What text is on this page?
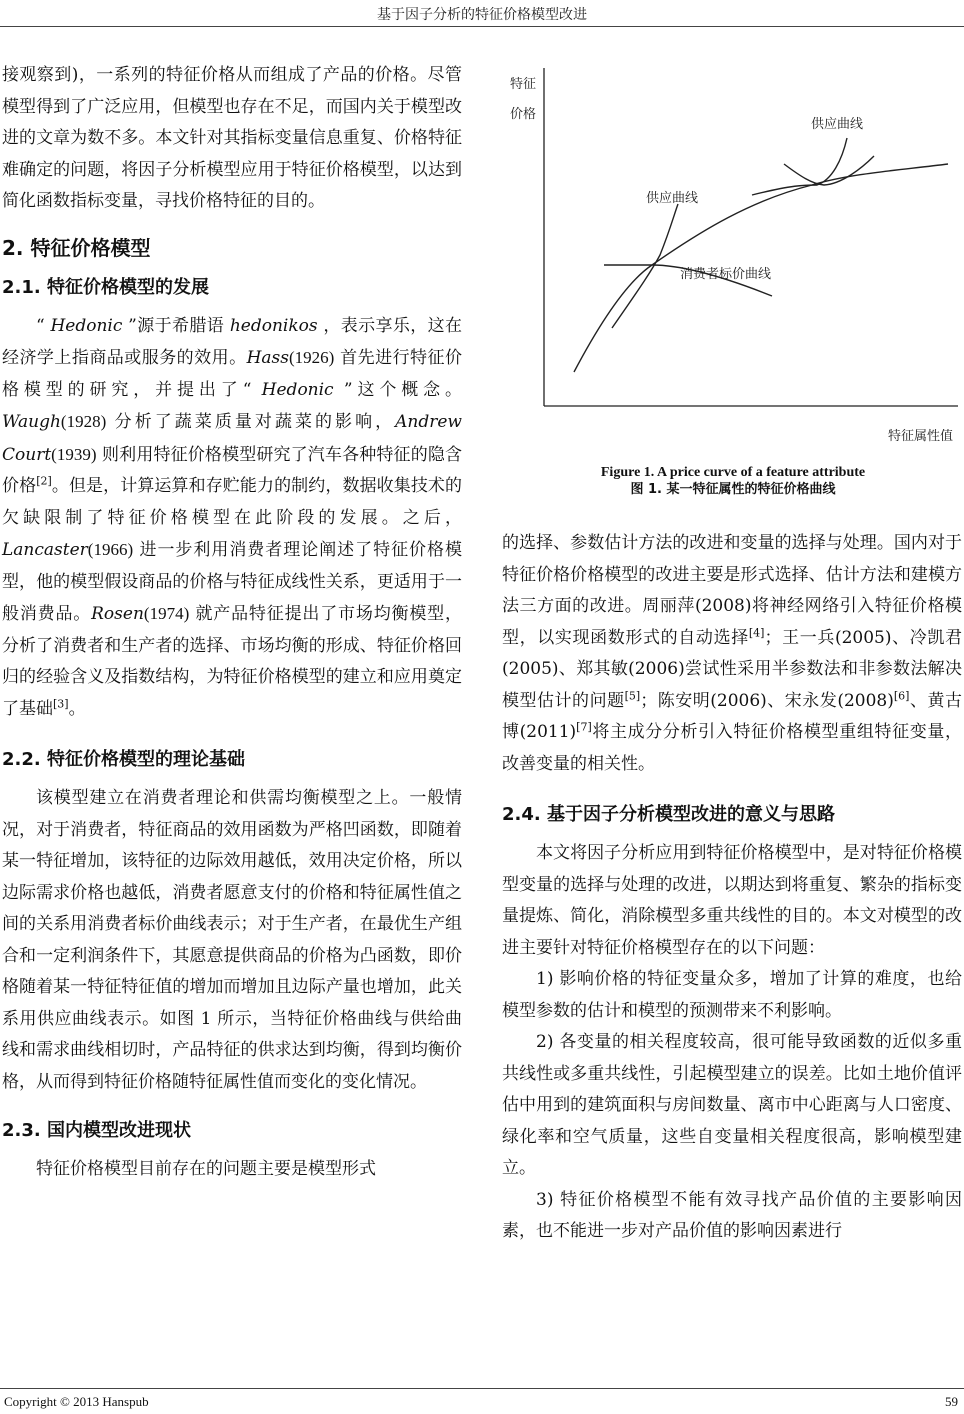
基于因子分析的特征价格模型改进

接观察到)，一系列的特征价格从而组成了产品的价格。尽管模型得到了广泛应用，但模型也存在不足，而国内关于模型改进的文章为数不多。本文针对其指标变量信息重复、价格特征难确定的问题，将因子分析模型应用于特征价格模型，以达到简化函数指标变量，寻找价格特征的目的。

2. 特征价格模型
2.1. 特征价格模型的发展

“ Hedonic ”源于希腊语 hedonikos ，表示享乐，这在经济学上指商品或服务的效用。Hass(1926) 首先进行特征价格模型的研究，并提出了“ Hedonic ”这个概念。Waugh(1928) 分析了蔬菜质量对蔬菜的影响，Andrew Court(1939) 则利用特征价格模型研究了汽车各种特征的隐含价格[2]。但是，计算运算和存贮能力的制约，数据收集技术的欠缺限制了特征价格模型在此阶段的发展。之后，Lancaster(1966) 进一步利用消费者理论阐述了特征价格模型，他的模型假设商品的价格与特征成线性关系，更适用于一般消费品。Rosen(1974) 就产品特征提出了市场均衡模型，分析了消费者和生产者的选择、市场均衡的形成、特征价格回归的经验含义及指数结构，为特征价格模型的建立和应用奠定了基础[3]。

2.2. 特征价格模型的理论基础

该模型建立在消费者理论和供需均衡模型之上。一般情况，对于消费者，特征商品的效用函数为严格凹函数，即随着某一特征增加，该特征的边际效用越低，效用决定价格，所以边际需求价格也越低，消费者愿意支付的价格和特征属性值之间的关系用消费者标价曲线表示；对于生产者，在最优生产组合和一定利润条件下，其愿意提供商品的价格为凸函数，即价格随着某一特征特征值的增加而增加且边际产量也增加，此关系用供应曲线表示。如图 1 所示，当特征价格曲线与供给曲线和需求曲线相切时，产品特征的供求达到均衡，得到均衡价格，从而得到特征价格随特征属性值而变化的变化情况。

2.3. 国内模型改进现状

特征价格模型目前存在的问题主要是模型形式

特征
价格
特征属性值
供应曲线
供应曲线
消费者标价曲线
Figure 1. A price curve of a feature attribute
图 1. 某一特征属性的特征价格曲线

的选择、参数估计方法的改进和变量的选择与处理。国内对于特征价格价格模型的改进主要是形式选择、估计方法和建模方法三方面的改进。周丽萍(2008)将神经网络引入特征价格模型，以实现函数形式的自动选择[4]；王一兵(2005)、冷凯君(2005)、郑其敏(2006)尝试性采用半参数法和非参数法解决模型估计的问题[5]；陈安明(2006)、宋永发(2008)[6]、黄古博(2011)[7]将主成分分析引入特征价格模型重组特征变量，改善变量的相关性。

2.4. 基于因子分析模型改进的意义与思路

本文将因子分析应用到特征价格模型中，是对特征价格模型变量的选择与处理的改进，以期达到将重复、繁杂的指标变量提炼、简化，消除模型多重共线性的目的。本文对模型的改进主要针对特征价格模型存在的以下问题：

1) 影响价格的特征变量众多，增加了计算的难度，也给模型参数的估计和模型的预测带来不利影响。

2) 各变量的相关程度较高，很可能导致函数的近似多重共线性或多重共线性，引起模型建立的误差。比如土地价值评估中用到的建筑面积与房间数量、离市中心距离与人口密度、绿化率和空气质量，这些自变量相关程度很高，影响模型建立。

3) 特征价格模型不能有效寻找产品价值的主要影响因素，也不能进一步对产品价值的影响因素进行

Copyright © 2013 Hanspub	59
